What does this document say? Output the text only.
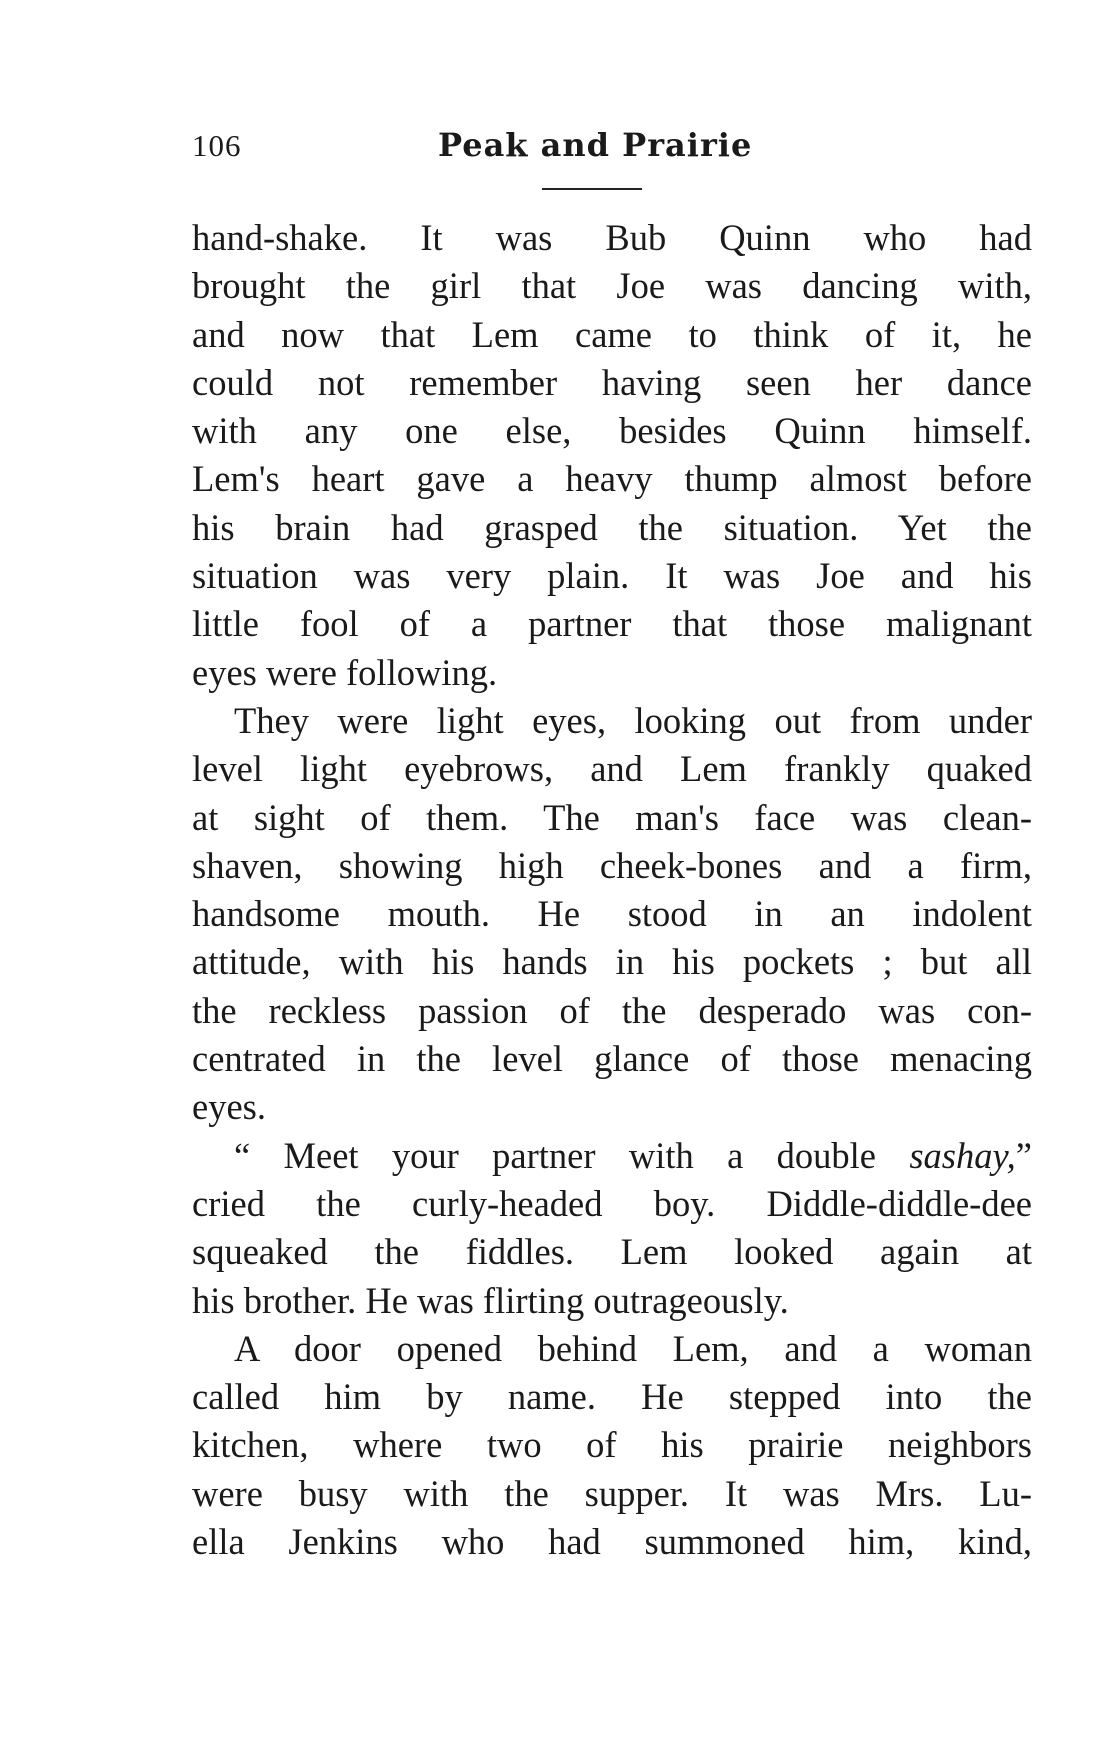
106	Peak and Prairie
hand-shake. It was Bub Quinn who had
brought the girl that Joe was dancing with,
and now that Lem came to think of it, he
could not remember having seen her dance
with any one else, besides Quinn himself.
Lem's heart gave a heavy thump almost before
his brain had grasped the situation. Yet the
situation was very plain. It was Joe and his
little fool of a partner that those malignant
eyes were following.
They were light eyes, looking out from under
level light eyebrows, and Lem frankly quaked
at sight of them. The man's face was clean-
shaven, showing high cheek-bones and a firm,
handsome mouth. He stood in an indolent
attitude, with his hands in his pockets ; but all
the reckless passion of the desperado was con-
centrated in the level glance of those menacing
eyes.
“ Meet your partner with a double sashay,”
cried the curly-headed boy. Diddle-diddle-dee
squeaked the fiddles. Lem looked again at
his brother. He was flirting outrageously.
A door opened behind Lem, and a woman
called him by name. He stepped into the
kitchen, where two of his prairie neighbors
were busy with the supper. It was Mrs. Lu-
ella Jenkins who had summoned him, kind,
